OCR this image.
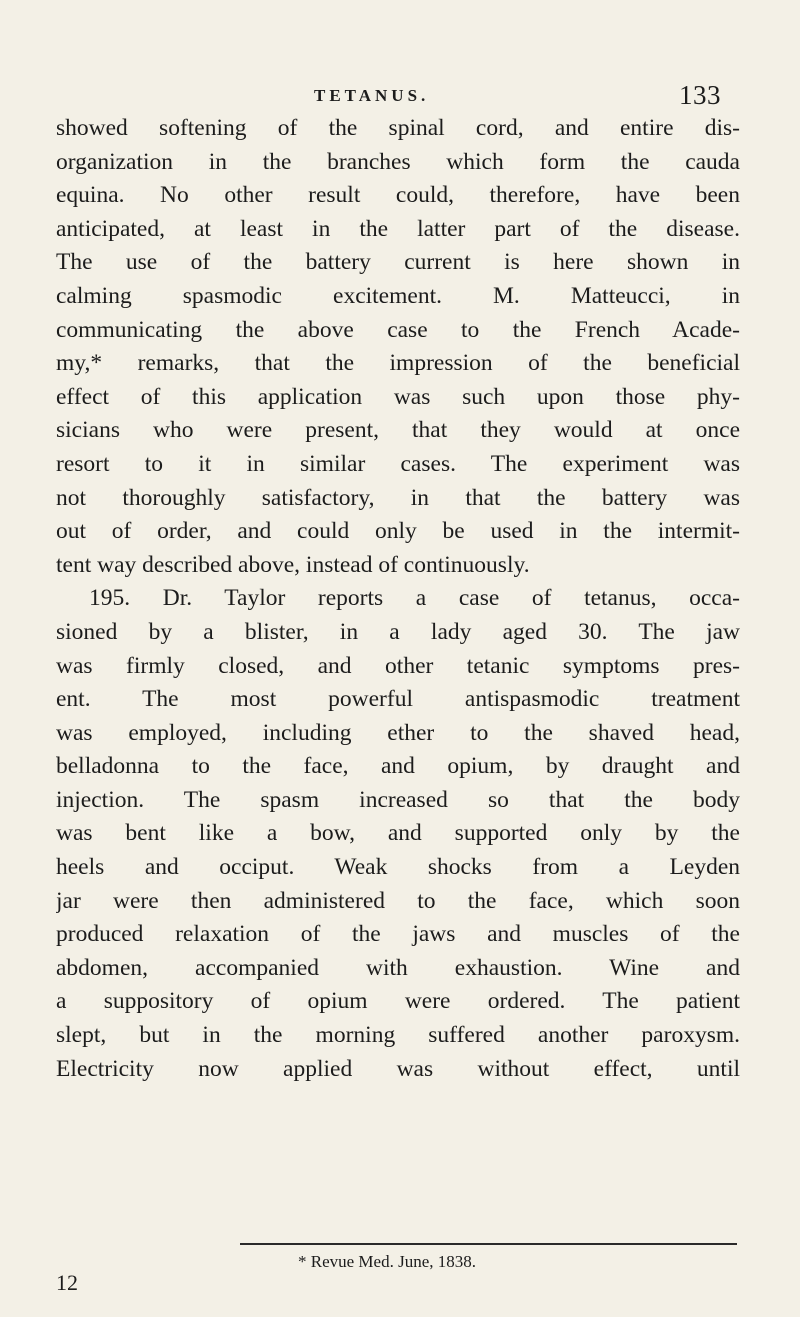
TETANUS.	133
showed softening of the spinal cord, and entire dis-
organization in the branches which form the cauda
equina. No other result could, therefore, have been
anticipated, at least in the latter part of the disease.
The use of the battery current is here shown in
calming spasmodic excitement. M. Matteucci, in
communicating the above case to the French Acade-
my,* remarks, that the impression of the beneficial
effect of this application was such upon those phy-
sicians who were present, that they would at once
resort to it in similar cases. The experiment was
not thoroughly satisfactory, in that the battery was
out of order, and could only be used in the intermit-
tent way described above, instead of continuously.
195. Dr. Taylor reports a case of tetanus, occa-
sioned by a blister, in a lady aged 30. The jaw
was firmly closed, and other tetanic symptoms pres-
ent. The most powerful antispasmodic treatment
was employed, including ether to the shaved head,
belladonna to the face, and opium, by draught and
injection. The spasm increased so that the body
was bent like a bow, and supported only by the
heels and occiput. Weak shocks from a Leyden
jar were then administered to the face, which soon
produced relaxation of the jaws and muscles of the
abdomen, accompanied with exhaustion. Wine and
a suppository of opium were ordered. The patient
slept, but in the morning suffered another paroxysm.
Electricity now applied was without effect, until
* Revue Med. June, 1838.
12
